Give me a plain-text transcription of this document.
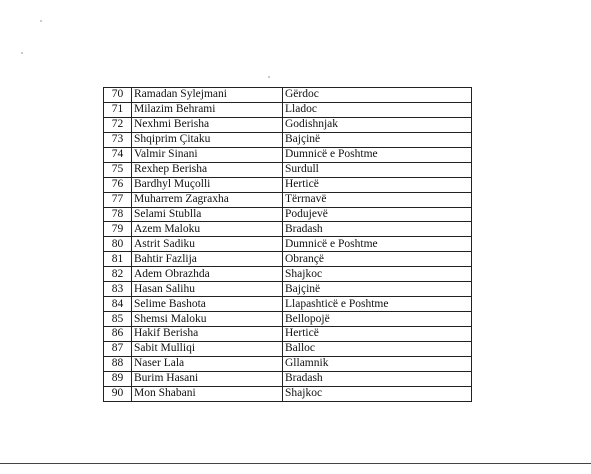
70	Ramadan Sylejmani	Gërdoc
71	Milazim Behrami	Lladoc
72	Nexhmi Berisha	Godishnjak
73	Shqiprim Çitaku	Bajçinë
74	Valmir Sinani	Dumnicë e Poshtme
75	Rexhep Berisha	Surdull
76	Bardhyl Muçolli	Herticë
77	Muharrem Zagraxha	Tërrnavë
78	Selami Stublla	Podujevë
79	Azem Maloku	Bradash
80	Astrit Sadiku	Dumnicë e Poshtme
81	Bahtir Fazlija	Obrançë
82	Adem Obrazhda	Shajkoc
83	Hasan Salihu	Bajçinë
84	Selime Bashota	Llapashticë e Poshtme
85	Shemsi Maloku	Bellopojë
86	Hakif Berisha	Herticë
87	Sabit Mulliqi	Balloc
88	Naser Lala	Gllamnik
89	Burim Hasani	Bradash
90	Mon Shabani	Shajkoc
